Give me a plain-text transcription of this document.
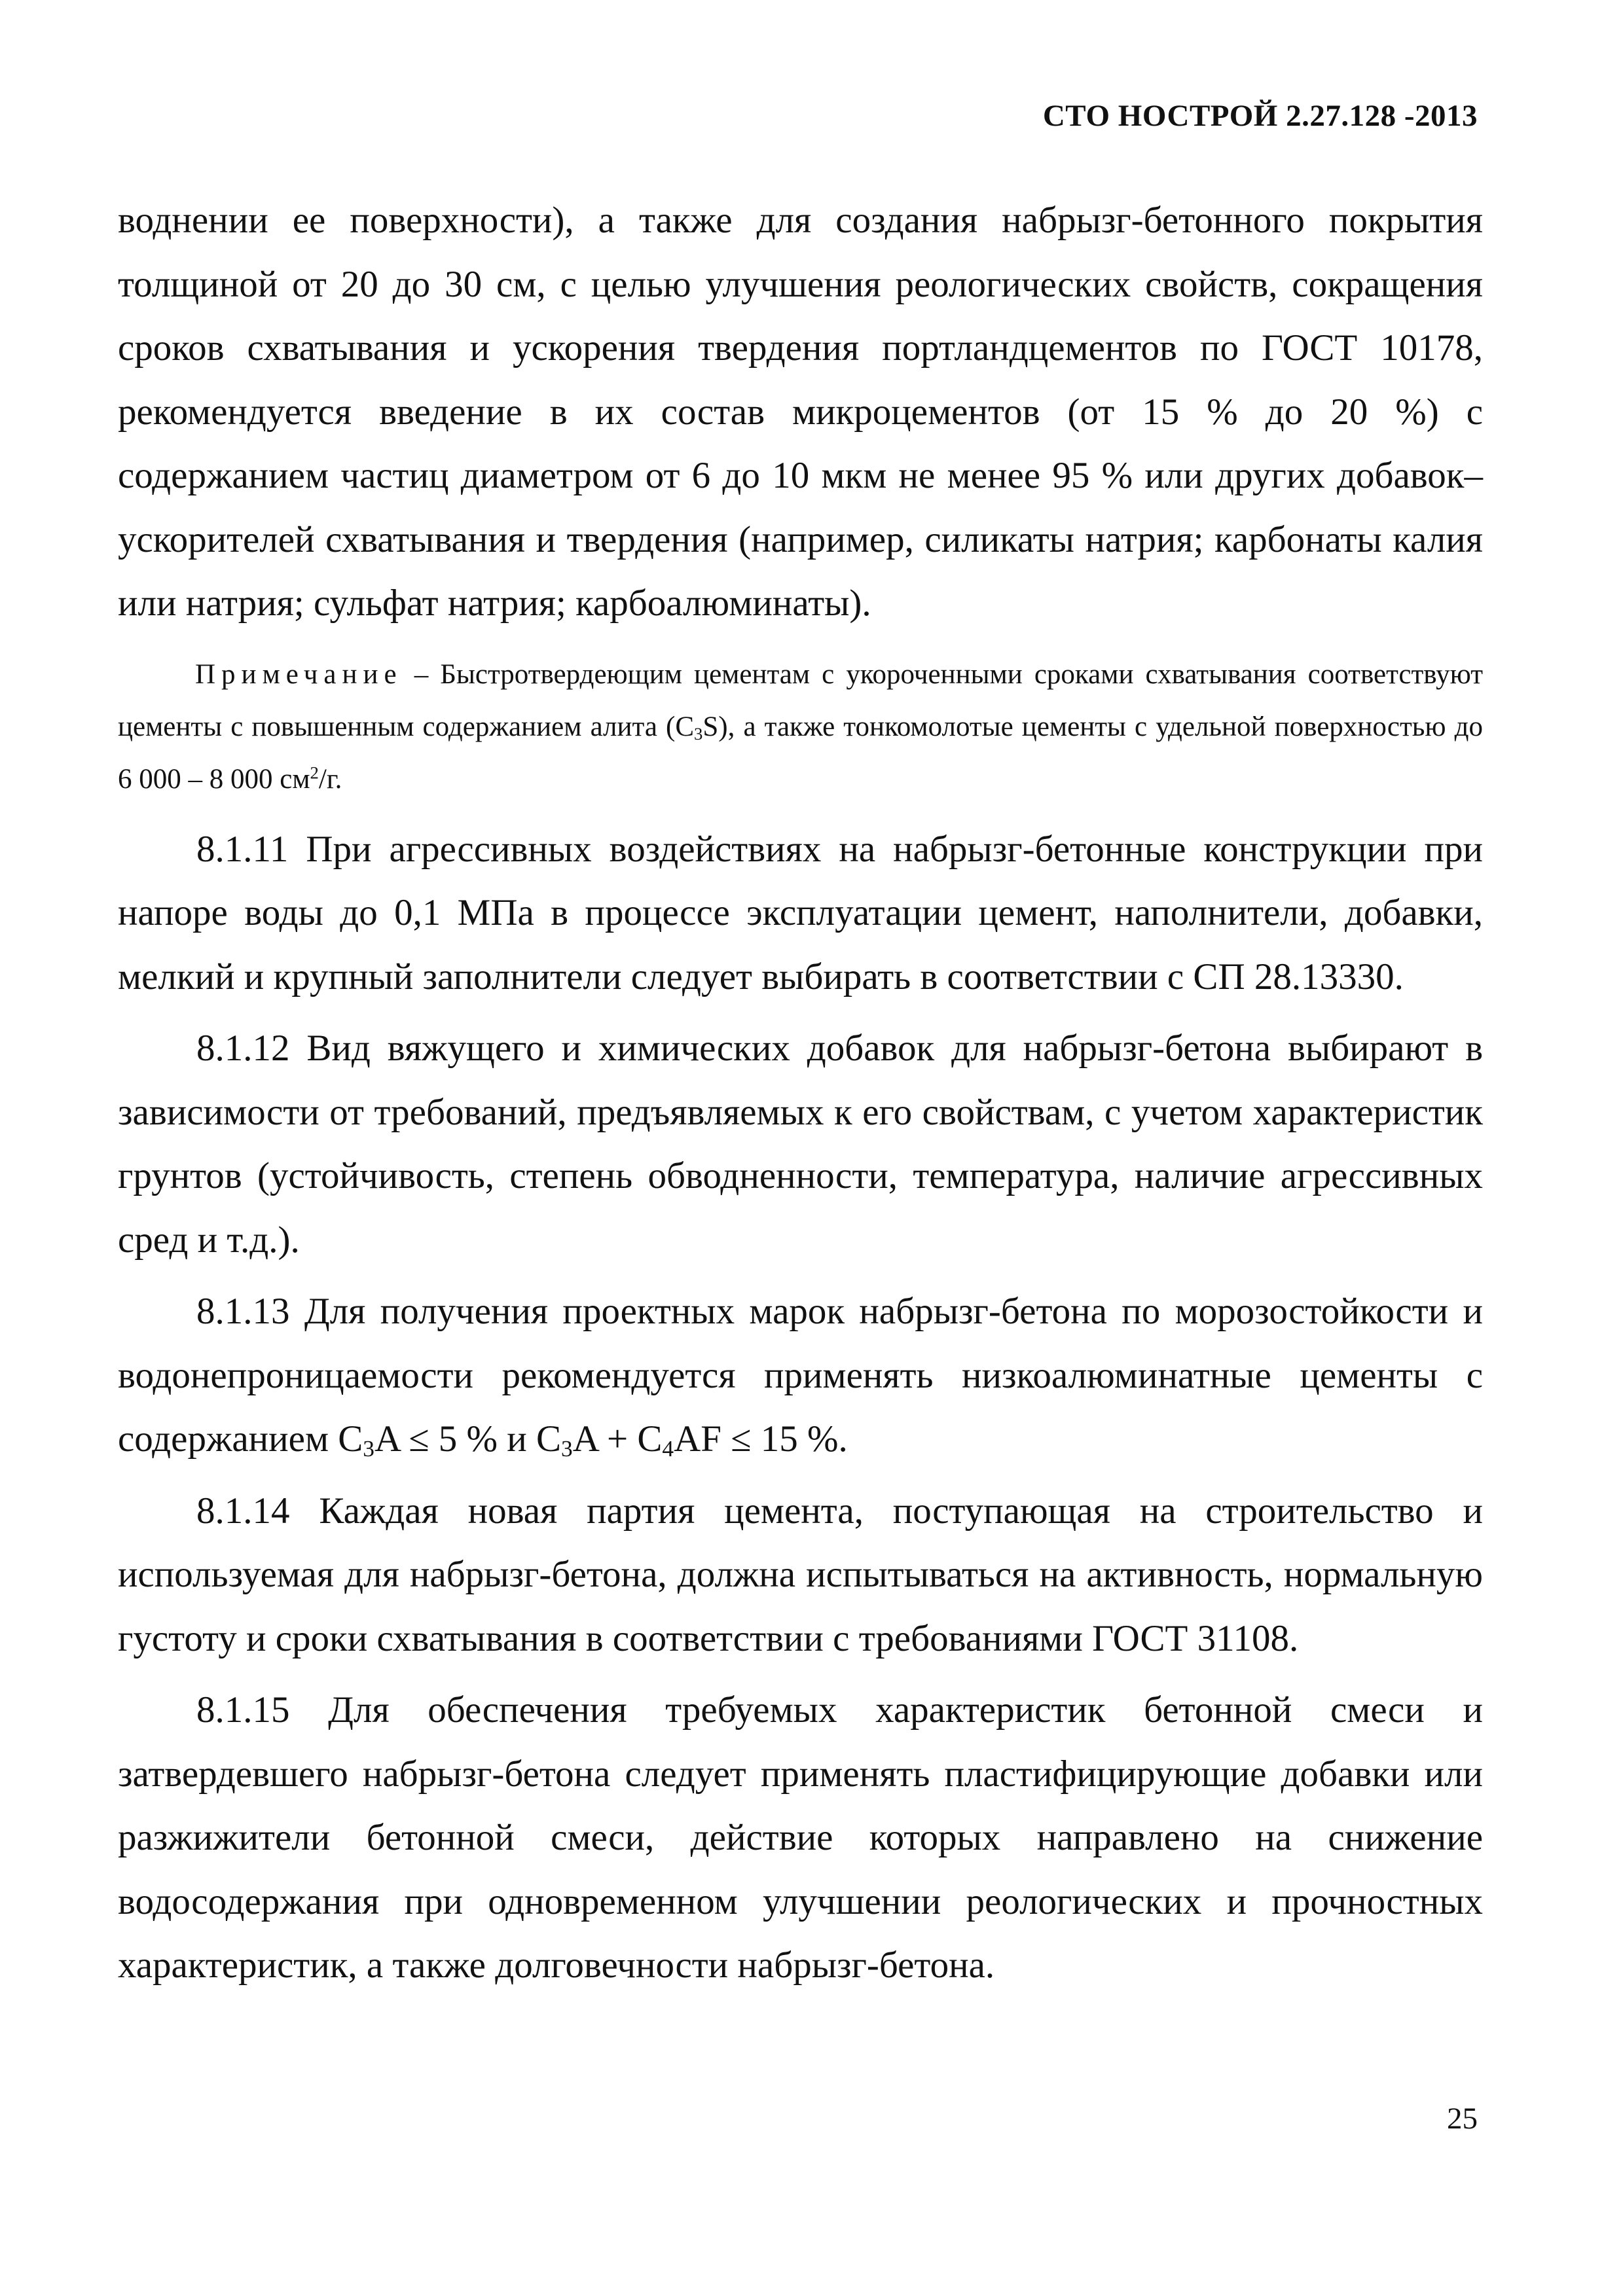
СТО НОСТРОЙ 2.27.128 -2013

воднении ее поверхности), а также для создания набрызг-бетонного покрытия толщиной от 20 до 30 см, с целью улучшения реологических свойств, сокращения сроков схватывания и ускорения твердения портландцементов по ГОСТ 10178, рекомендуется введение в их состав микроцементов (от 15 % до 20 %) с содержанием частиц диаметром от 6 до 10 мкм не менее 95 % или других добавок–ускорителей схватывания и твердения (например, силикаты натрия; карбонаты калия или натрия; сульфат натрия; карбоалюминаты).

Примечание – Быстротвердеющим цементам с укороченными сроками схватывания соответствуют цементы с повышенным содержанием алита $(C_3S)$, а также тонкомолотые цементы с удельной поверхностью до 6 000 – 8 000 $см^2/г$.

8.1.11 При агрессивных воздействиях на набрызг-бетонные конструкции при напоре воды до 0,1 МПа в процессе эксплуатации цемент, наполнители, добавки, мелкий и крупный заполнители следует выбирать в соответствии с СП 28.13330.

8.1.12 Вид вяжущего и химических добавок для набрызг-бетона выбирают в зависимости от требований, предъявляемых к его свойствам, с учетом характеристик грунтов (устойчивость, степень обводненности, температура, наличие агрессивных сред и т.д.).

8.1.13 Для получения проектных марок набрызг-бетона по морозостойкости и водонепроницаемости рекомендуется применять низкоалюминатные цементы с содержанием $C_3A \le 5$ % и $C_3A + C_4AF \le 15$ %.

8.1.14 Каждая новая партия цемента, поступающая на строительство и используемая для набрызг-бетона, должна испытываться на активность, нормальную густоту и сроки схватывания в соответствии с требованиями ГОСТ 31108.

8.1.15 Для обеспечения требуемых характеристик бетонной смеси и затвердевшего набрызг-бетона следует применять пластифицирующие добавки или разжижители бетонной смеси, действие которых направлено на снижение водосодержания при одновременном улучшении реологических и прочностных характеристик, а также долговечности набрызг-бетона.

25
